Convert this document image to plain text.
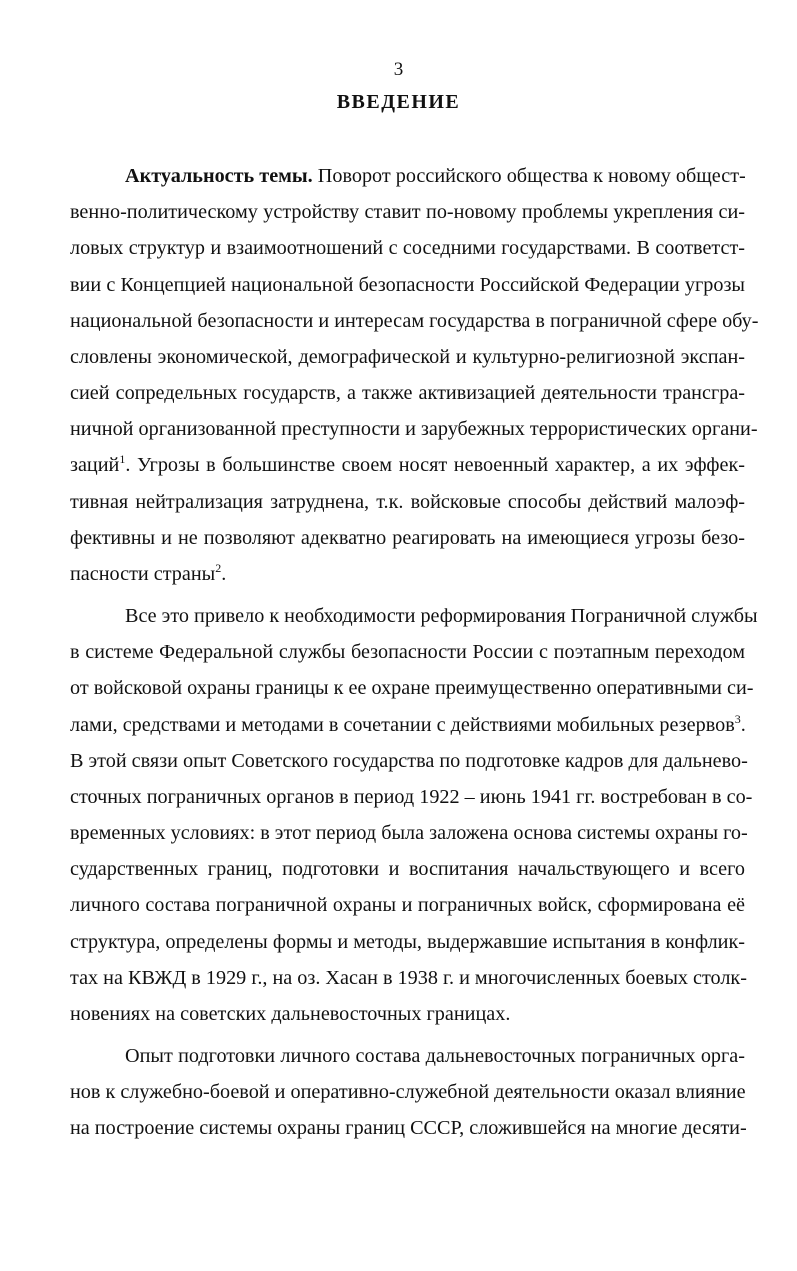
3
ВВЕДЕНИЕ
Актуальность темы. Поворот российского общества к новому общест-
венно-политическому устройству ставит по-новому проблемы укрепления си-
ловых структур и взаимоотношений с соседними государствами. В соответст-
вии с Концепцией национальной безопасности Российской Федерации угрозы
национальной безопасности и интересам государства в пограничной сфере обу-
словлены экономической, демографической и культурно-религиозной экспан-
сией сопредельных государств, а также активизацией деятельности трансгра-
ничной организованной преступности и зарубежных террористических органи-
заций$^1$. Угрозы в большинстве своем носят невоенный характер, а их эффек-
тивная нейтрализация затруднена, т.к. войсковые способы действий малоэф-
фективны и не позволяют адекватно реагировать на имеющиеся угрозы безо-
пасности страны$^2$.
Все это привело к необходимости реформирования Пограничной службы
в системе Федеральной службы безопасности России с поэтапным переходом
от войсковой охраны границы к ее охране преимущественно оперативными си-
лами, средствами и методами в сочетании с действиями мобильных резервов$^3$.
В этой связи опыт Советского государства по подготовке кадров для дальнево-
сточных пограничных органов в период 1922 – июнь 1941 гг. востребован в со-
временных условиях: в этот период была заложена основа системы охраны го-
сударственных границ, подготовки и воспитания начальствующего и всего
личного состава пограничной охраны и пограничных войск, сформирована её
структура, определены формы и методы, выдержавшие испытания в конфлик-
тах на КВЖД в 1929 г., на оз. Хасан в 1938 г. и многочисленных боевых столк-
новениях на советских дальневосточных границах.
Опыт подготовки личного состава дальневосточных пограничных орга-
нов к служебно-боевой и оперативно-служебной деятельности оказал влияние
на построение системы охраны границ СССР, сложившейся на многие десяти-
